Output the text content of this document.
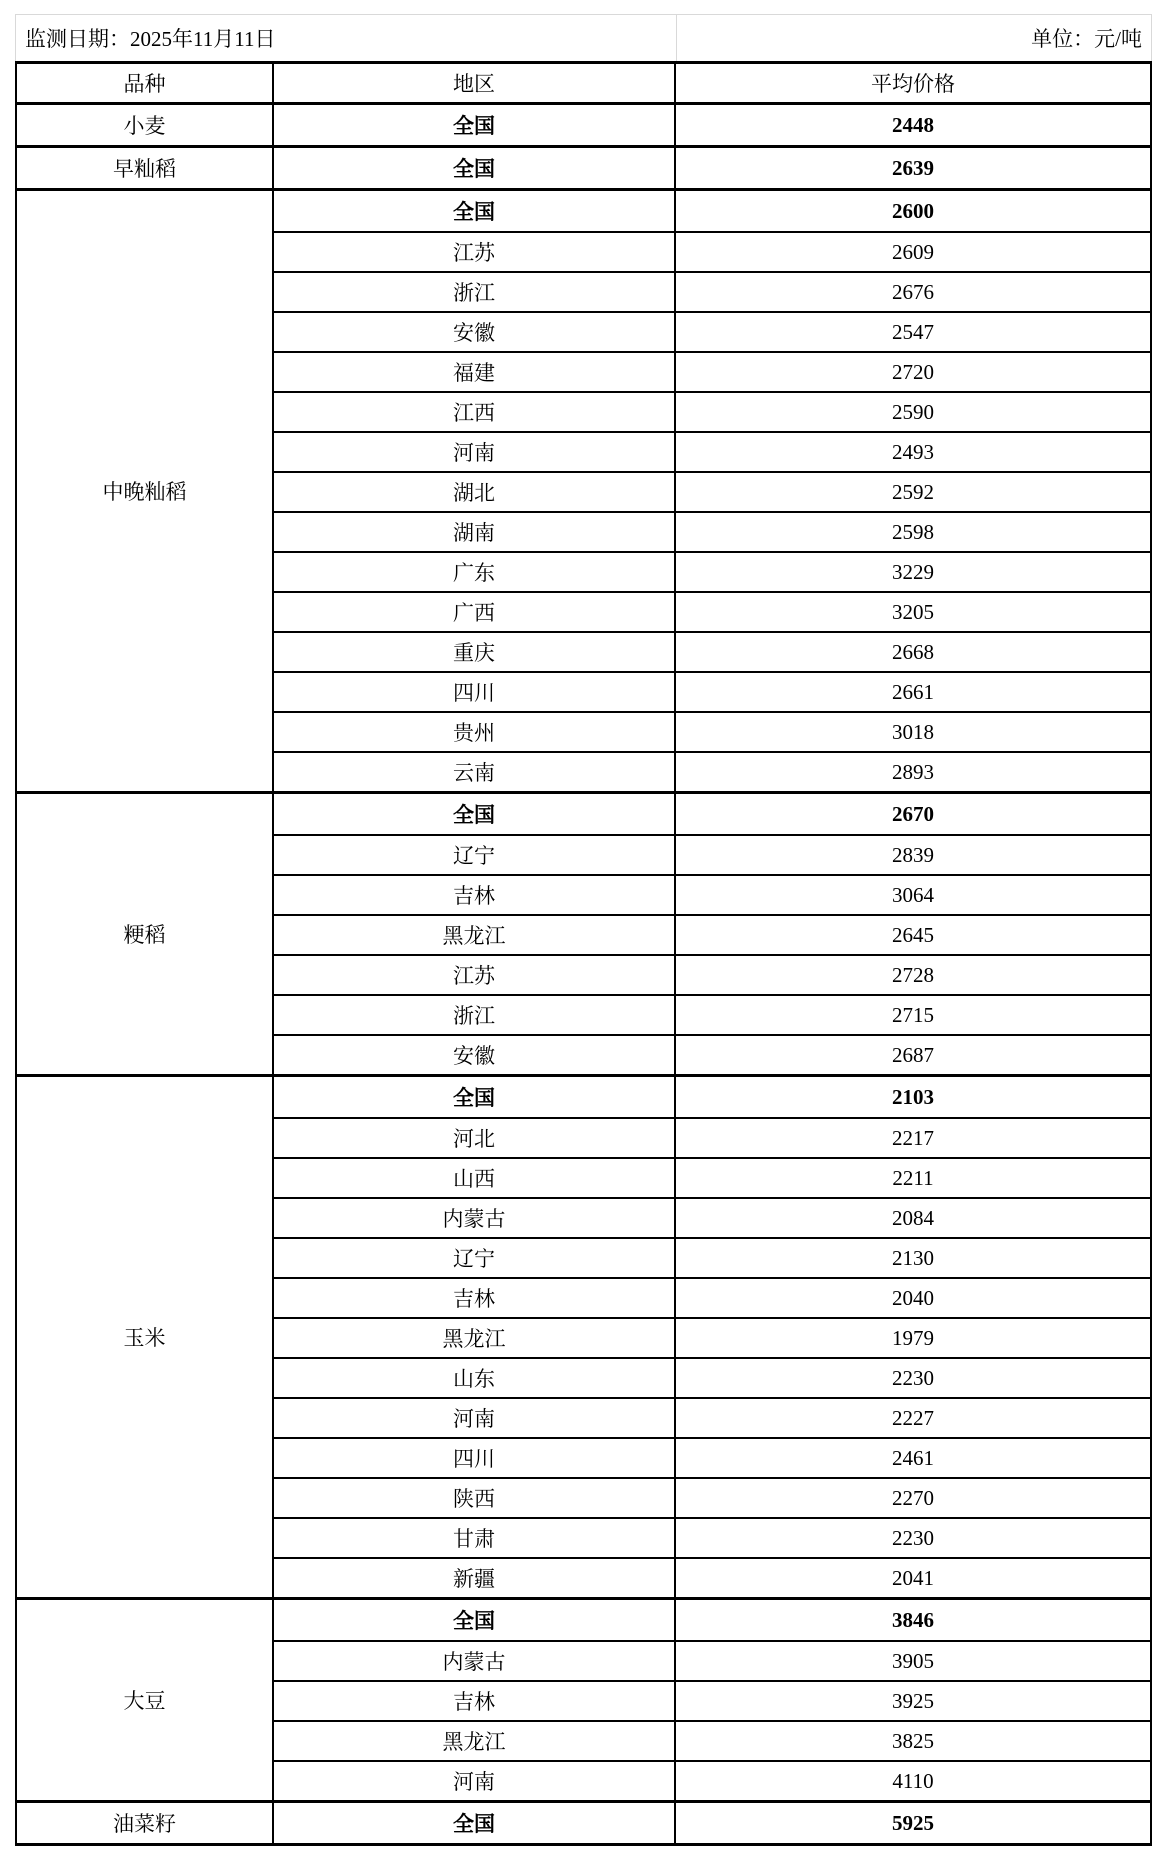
监测日期：2025年11月11日	单位：元/吨
品种	地区	平均价格
小麦	全国	2448
早籼稻	全国	2639
中晚籼稻
全国	2600
江苏	2609
浙江	2676
安徽	2547
福建	2720
江西	2590
河南	2493
湖北	2592
湖南	2598
广东	3229
广西	3205
重庆	2668
四川	2661
贵州	3018
云南	2893
粳稻
全国	2670
辽宁	2839
吉林	3064
黑龙江	2645
江苏	2728
浙江	2715
安徽	2687
玉米
全国	2103
河北	2217
山西	2211
内蒙古	2084
辽宁	2130
吉林	2040
黑龙江	1979
山东	2230
河南	2227
四川	2461
陕西	2270
甘肃	2230
新疆	2041
大豆
全国	3846
内蒙古	3905
吉林	3925
黑龙江	3825
河南	4110
油菜籽	全国	5925
